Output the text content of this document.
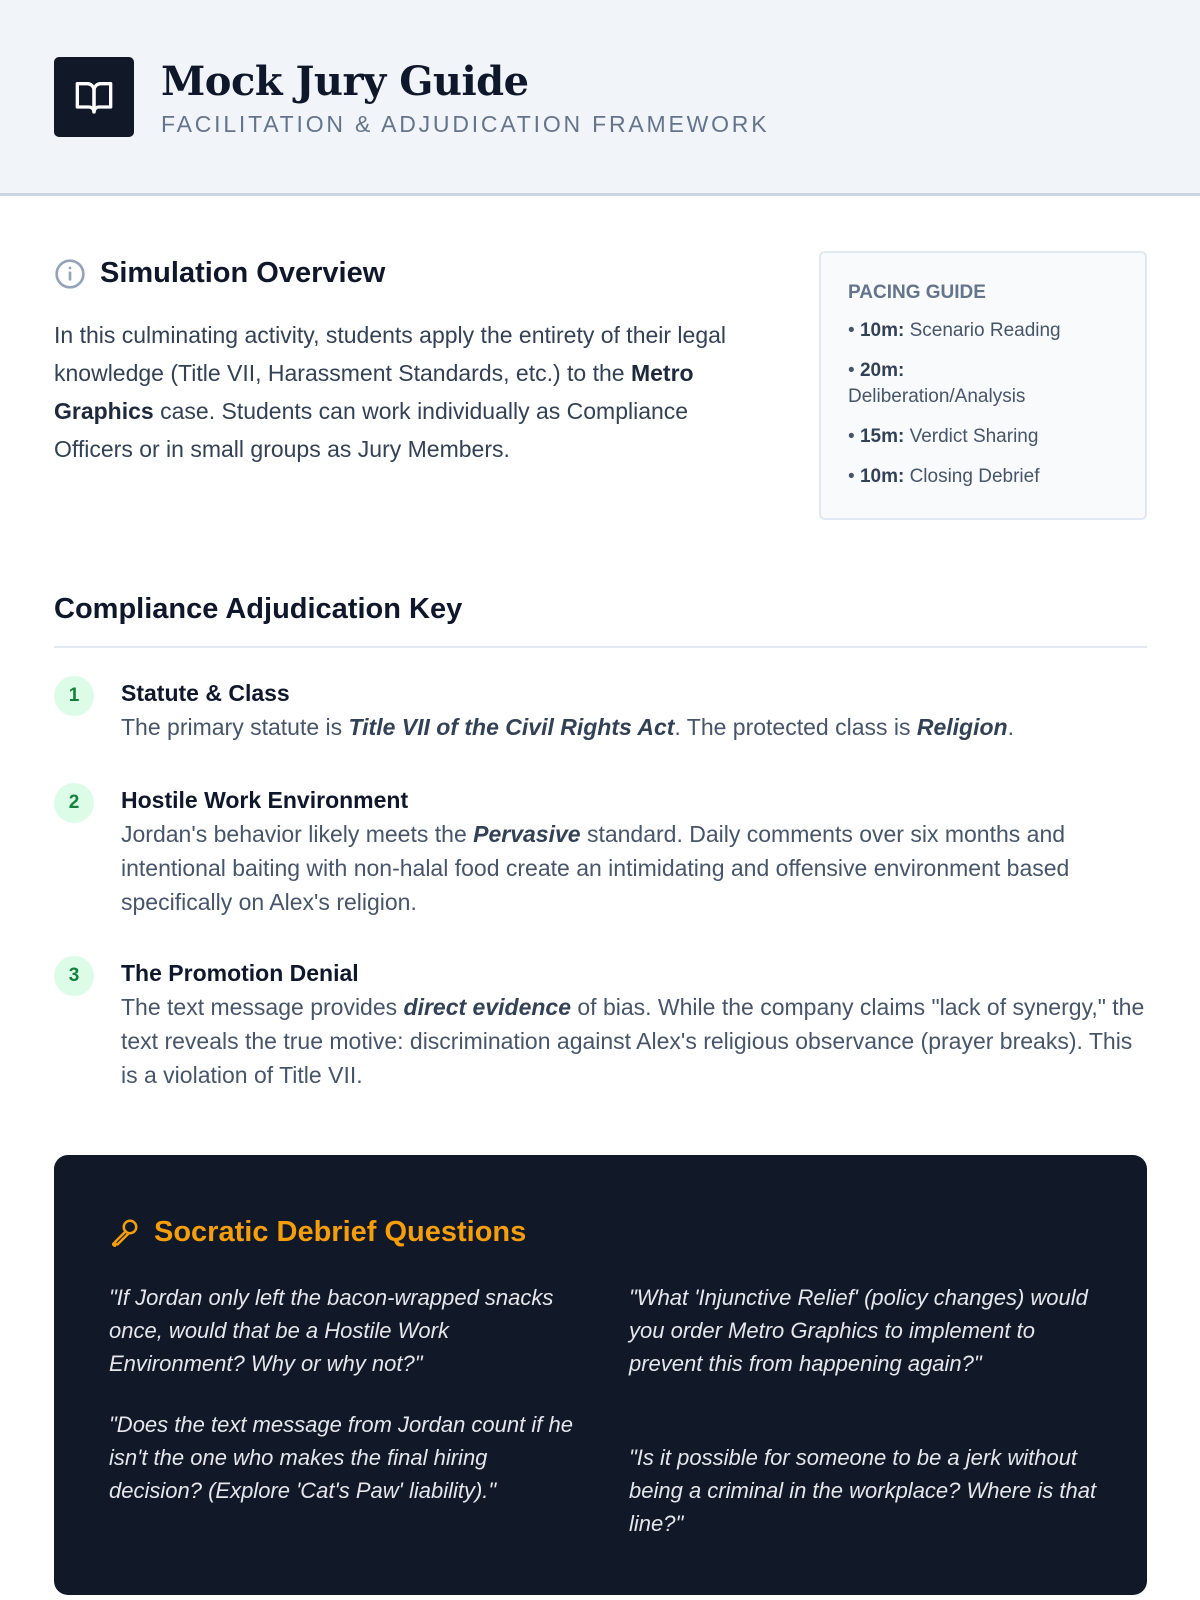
Mock Jury Guide
FACILITATION & ADJUDICATION FRAMEWORK
Simulation Overview

In this culminating activity, students apply the entirety of their legal knowledge (Title VII, Harassment Standards, etc.) to the Metro Graphics case. Students can work individually as Compliance Officers or in small groups as Jury Members.

PACING GUIDE
• 10m: Scenario Reading
• 20m: Deliberation/Analysis
• 15m: Verdict Sharing
• 10m: Closing Debrief
Compliance Adjudication Key
1	Statute & Class

The primary statute is Title VII of the Civil Rights Act. The protected class is Religion.

2	Hostile Work Environment

Jordan's behavior likely meets the Pervasive standard. Daily comments over six months and intentional baiting with non-halal food create an intimidating and offensive environment based specifically on Alex's religion.

3	The Promotion Denial

The text message provides direct evidence of bias. While the company claims "lack of synergy," the text reveals the true motive: discrimination against Alex's religious observance (prayer breaks). This is a violation of Title VII.

Socratic Debrief Questions

"If Jordan only left the bacon-wrapped snacks once, would that be a Hostile Work Environment? Why or why not?"

"What 'Injunctive Relief' (policy changes) would you order Metro Graphics to implement to prevent this from happening again?"

"Does the text message from Jordan count if he isn't the one who makes the final hiring decision? (Explore 'Cat's Paw' liability)."

"Is it possible for someone to be a jerk without being a criminal in the workplace? Where is that line?"
